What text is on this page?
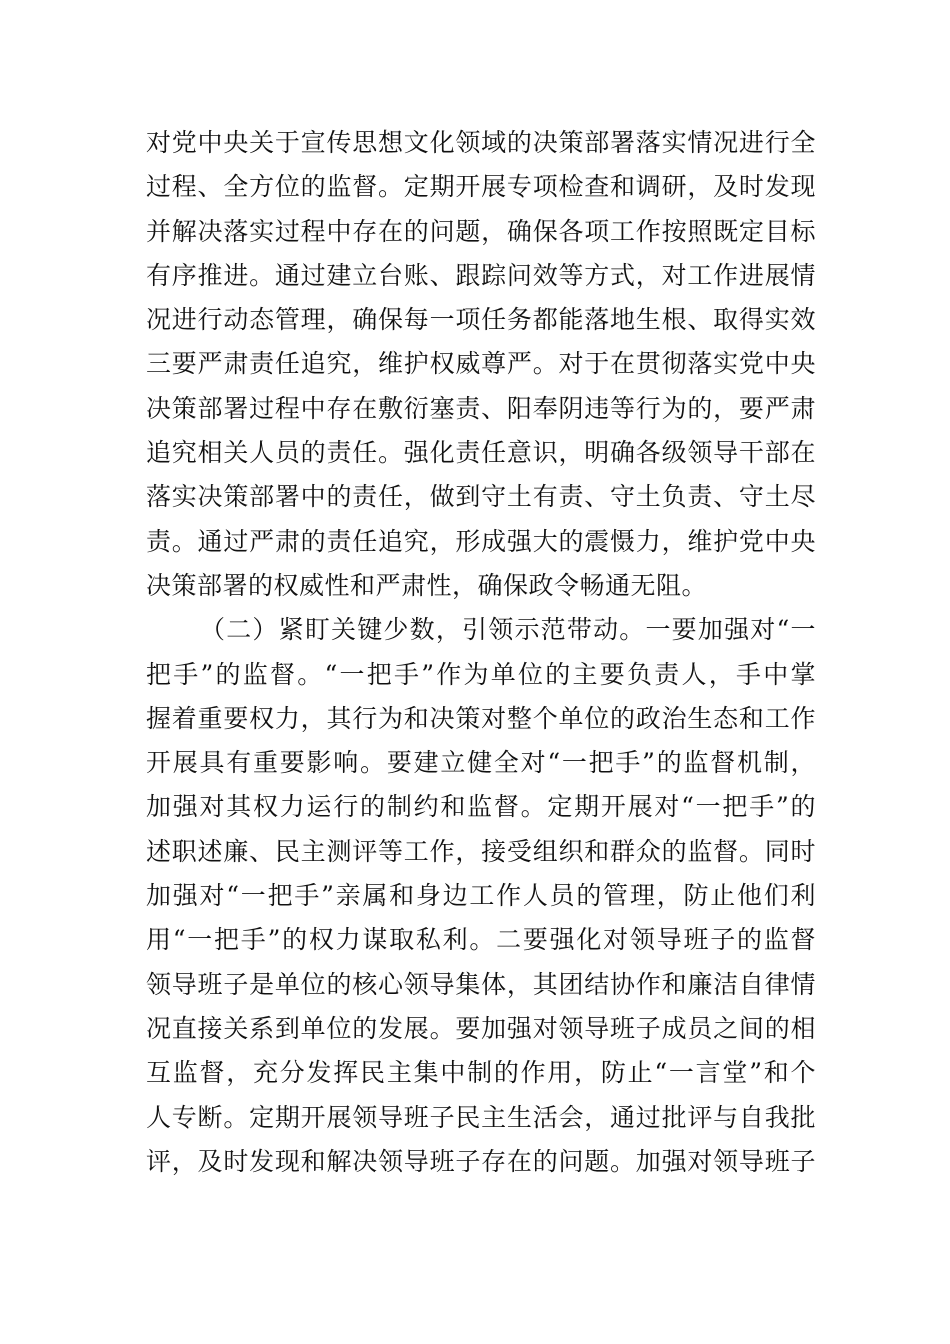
对党中央关于宣传思想文化领域的决策部署落实情况进行全
过程、全方位的监督。定期开展专项检查和调研，及时发现
并解决落实过程中存在的问题，确保各项工作按照既定目标
有序推进。通过建立台账、跟踪问效等方式，对工作进展情
况进行动态管理，确保每一项任务都能落地生根、取得实效
三要严肃责任追究，维护权威尊严。对于在贯彻落实党中央
决策部署过程中存在敷衍塞责、阳奉阴违等行为的，要严肃
追究相关人员的责任。强化责任意识，明确各级领导干部在
落实决策部署中的责任，做到守土有责、守土负责、守土尽
责。通过严肃的责任追究，形成强大的震慑力，维护党中央
决策部署的权威性和严肃性，确保政令畅通无阻。
（二）紧盯关键少数，引领示范带动。一要加强对“一
把手”的监督。“一把手”作为单位的主要负责人，手中掌
握着重要权力，其行为和决策对整个单位的政治生态和工作
开展具有重要影响。要建立健全对“一把手”的监督机制，
加强对其权力运行的制约和监督。定期开展对“一把手”的
述职述廉、民主测评等工作，接受组织和群众的监督。同时
加强对“一把手”亲属和身边工作人员的管理，防止他们利
用“一把手”的权力谋取私利。二要强化对领导班子的监督
领导班子是单位的核心领导集体，其团结协作和廉洁自律情
况直接关系到单位的发展。要加强对领导班子成员之间的相
互监督，充分发挥民主集中制的作用，防止“一言堂”和个
人专断。定期开展领导班子民主生活会，通过批评与自我批
评，及时发现和解决领导班子存在的问题。加强对领导班子
